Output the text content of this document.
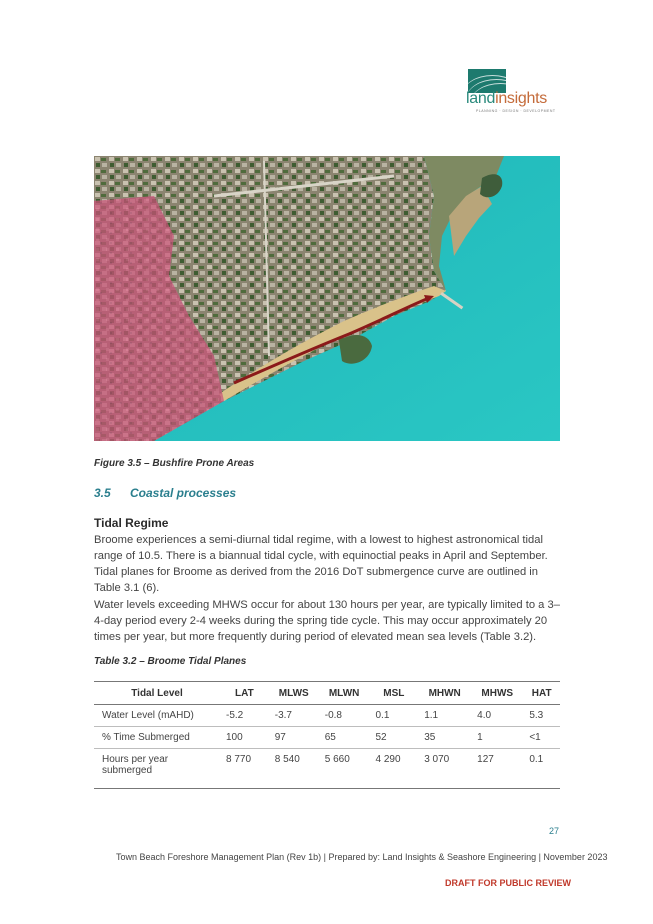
landinsights
PLANNING · DESIGN · DEVELOPMENT
Figure 3.5 – Bushfire Prone Areas
3.5 Coastal processes
Tidal Regime

Broome experiences a semi-diurnal tidal regime, with a lowest to highest astronomical tidal range of 10.5. There is a biannual tidal cycle, with equinoctial peaks in April and September. Tidal planes for Broome as derived from the 2016 DoT submergence curve are outlined in Table 3.1 (6).

Water levels exceeding MHWS occur for about 130 hours per year, are typically limited to a 3–4-day period every 2-4 weeks during the spring tide cycle. This may occur approximately 20 times per year, but more frequently during period of elevated mean sea levels (Table 3.2).

Table 3.2 – Broome Tidal Planes
Tidal Level	LAT	MLWS	MLWN	MSL	MHWN	MHWS	HAT
Water Level (mAHD)	-5.2	-3.7	-0.8	0.1	1.1	4.0	5.3
% Time Submerged	100	97	65	52	35	1	<1
Hours per year submerged	8 770	8 540	5 660	4 290	3 070	127	0.1
27
Town Beach Foreshore Management Plan (Rev 1b) | Prepared by: Land Insights & Seashore Engineering | November 2023
DRAFT FOR PUBLIC REVIEW
